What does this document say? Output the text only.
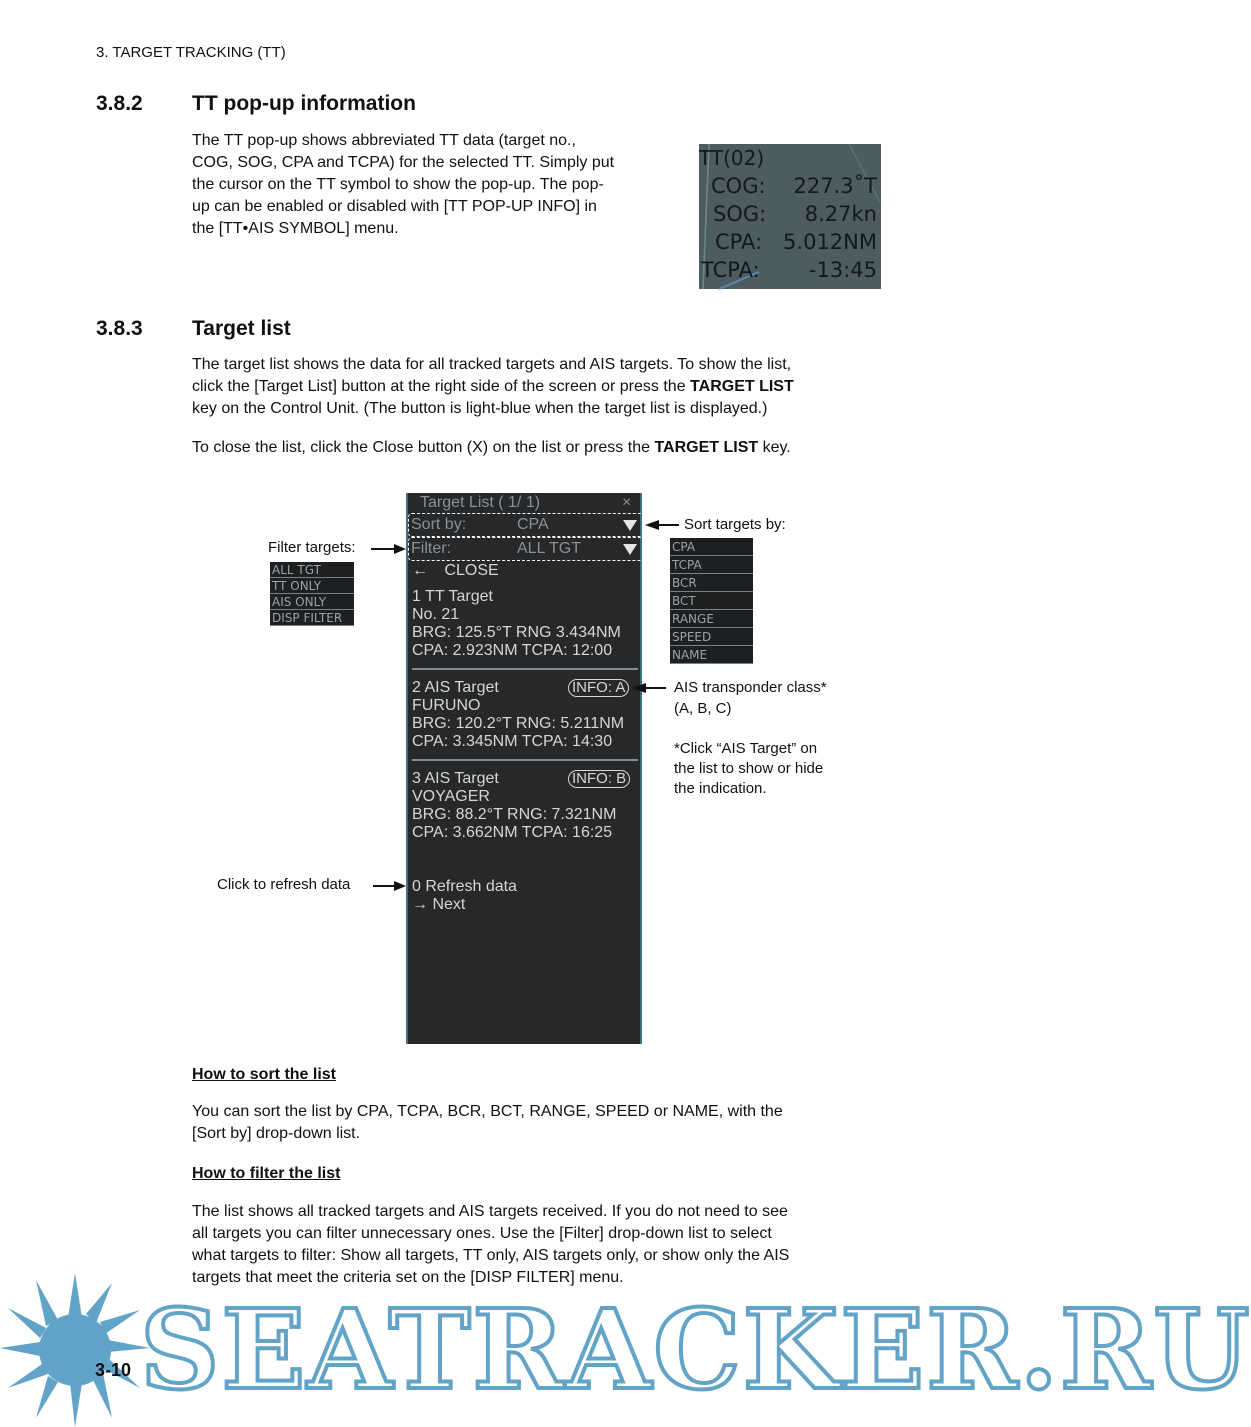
3. TARGET TRACKING (TT)
3.8.2 TT pop-up information
The TT pop-up shows abbreviated TT data (target no.,
COG, SOG, CPA and TCPA) for the selected TT. Simply put
the cursor on the TT symbol to show the pop-up. The pop-
up can be enabled or disabled with [TT POP-UP INFO] in
the [TT•AIS SYMBOL] menu.
TT(02)
COG: 227.3˚T
SOG: 8.27kn
CPA: 5.012NM
TCPA: -13:45
3.8.3 Target list
The target list shows the data for all tracked targets and AIS targets. To show the list,
click the [Target List] button at the right side of the screen or press the TARGET LIST
key on the Control Unit. (The button is light-blue when the target list is displayed.)
To close the list, click the Close button (X) on the list or press the TARGET LIST key.
Target List ( 1/ 1)	×
Sort by:	CPA
Filter:	ALL TGT
← CLOSE
1 TT Target
No. 21
BRG: 125.5°T RNG 3.434NM
CPA: 2.923NM TCPA: 12:00
2 AIS Target	INFO: A
FURUNO
BRG: 120.2°T RNG: 5.211NM
CPA: 3.345NM TCPA: 14:30
3 AIS Target	INFO: B
VOYAGER
BRG: 88.2°T RNG: 7.321NM
CPA: 3.662NM TCPA: 16:25
0 Refresh data
→ Next
Filter targets:
ALL TGT
TT ONLY
AIS ONLY
DISP FILTER
Sort targets by:
CPA
TCPA
BCR
BCT
RANGE
SPEED
NAME
AIS transponder class*
(A, B, C)
*Click “AIS Target” on
the list to show or hide
the indication.
Click to refresh data
How to sort the list
You can sort the list by CPA, TCPA, BCR, BCT, RANGE, SPEED or NAME, with the
[Sort by] drop-down list.
How to filter the list
The list shows all tracked targets and AIS targets received. If you do not need to see
all targets you can filter unnecessary ones. Use the [Filter] drop-down list to select
what targets to filter: Show all targets, TT only, AIS targets only, or show only the AIS
targets that meet the criteria set on the [DISP FILTER] menu.
SEATRACKER.RU
3-10
